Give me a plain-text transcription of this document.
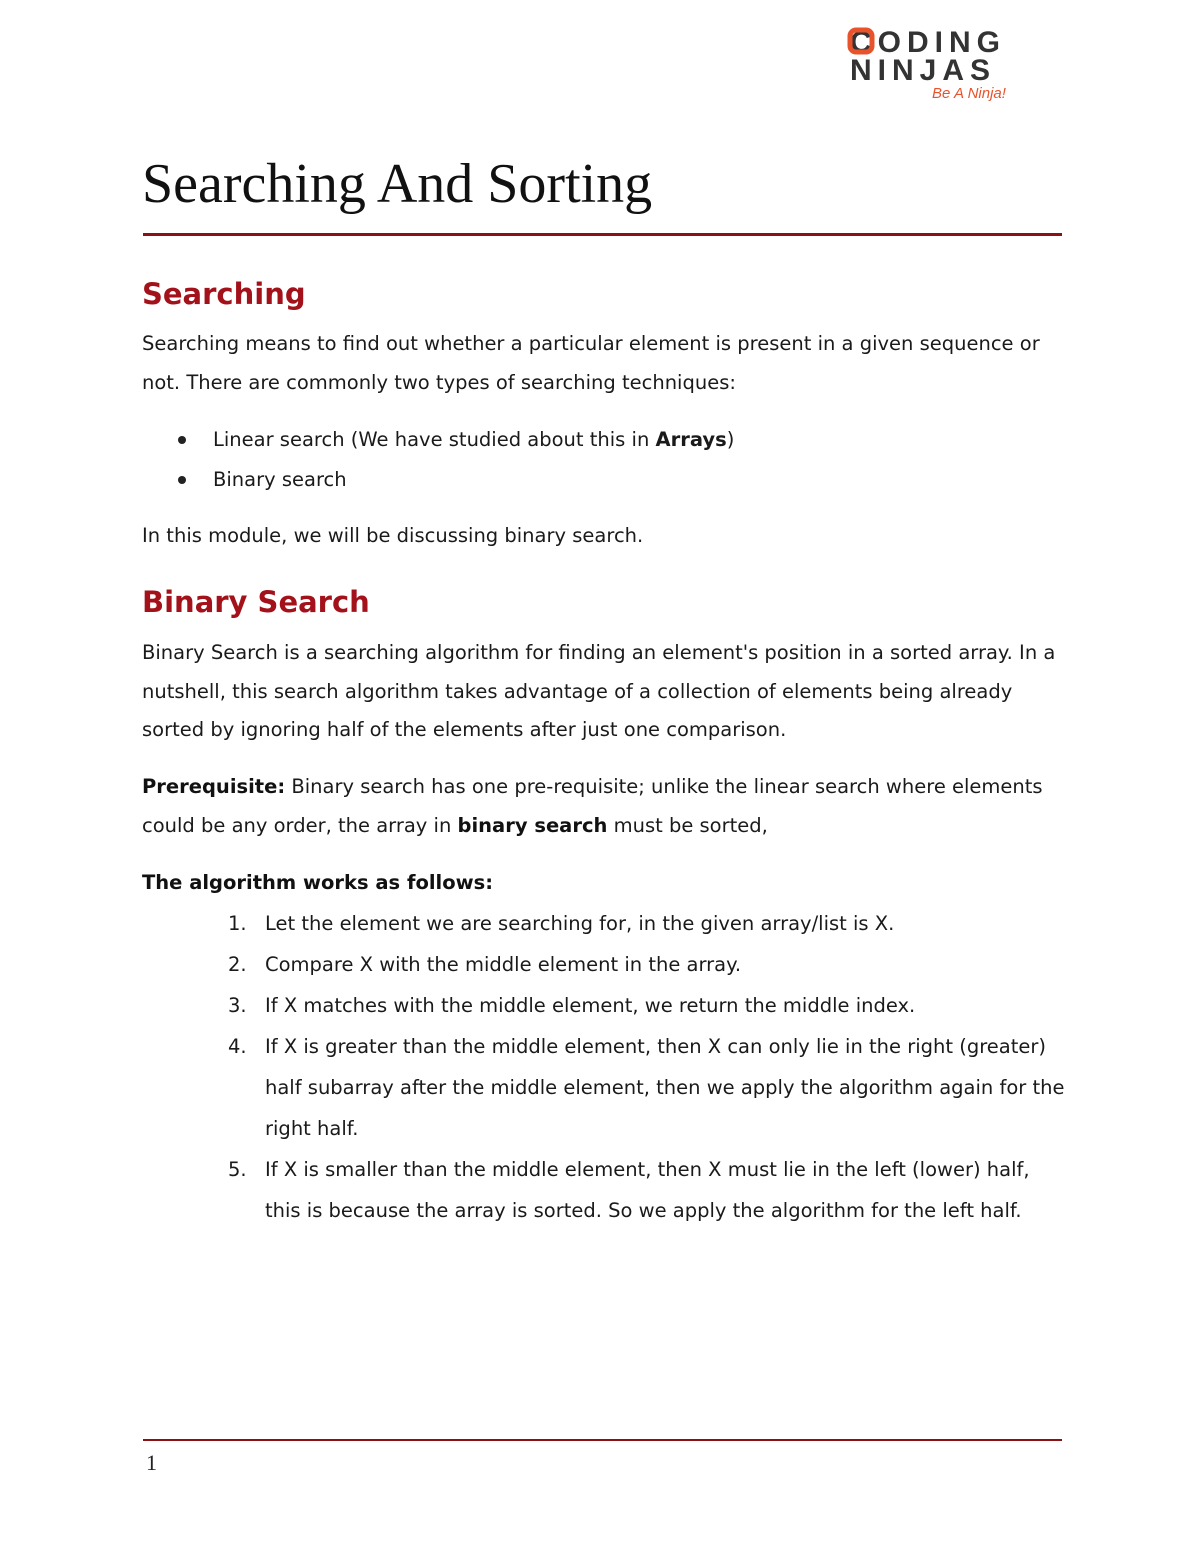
CODING
NINJAS
Be A Ninja!
Searching And Sorting
Searching

Searching means to find out whether a particular element is present in a given sequence or not. There are commonly two types of searching techniques:

Linear search (We have studied about this in Arrays)
Binary search

In this module, we will be discussing binary search.

Binary Search

Binary Search is a searching algorithm for finding an element's position in a sorted array. In a nutshell, this search algorithm takes advantage of a collection of elements being already sorted by ignoring half of the elements after just one comparison.

Prerequisite: Binary search has one pre-requisite; unlike the linear search where elements could be any order, the array in binary search must be sorted,

The algorithm works as follows:

1. Let the element we are searching for, in the given array/list is X.
2. Compare X with the middle element in the array.
3. If X matches with the middle element, we return the middle index.
4. If X is greater than the middle element, then X can only lie in the right (greater) half subarray after the middle element, then we apply the algorithm again for the right half.
5. If X is smaller than the middle element, then X must lie in the left (lower) half, this is because the array is sorted. So we apply the algorithm for the left half.
1
